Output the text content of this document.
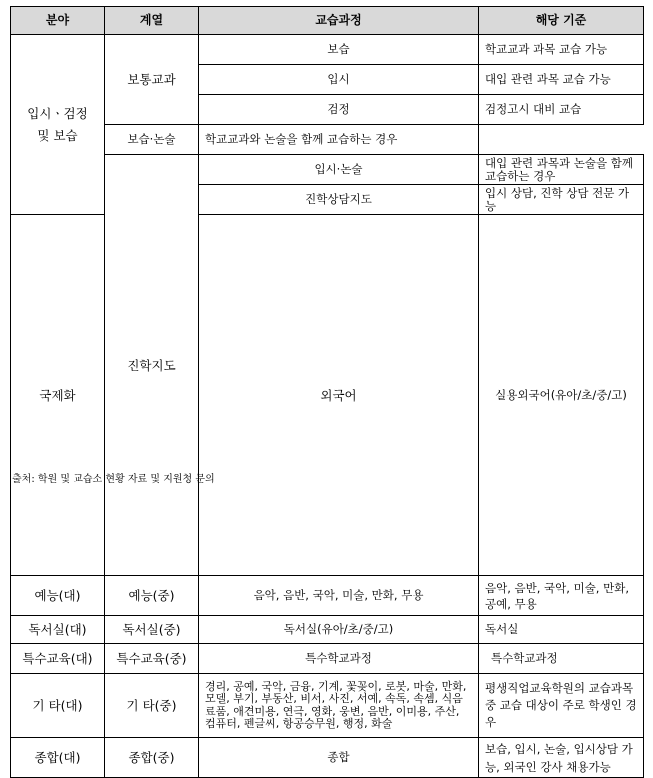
분야	계열	교습과정	해당 기준	
입시ㆍ검정 및 보습	보통교과	보습	학교교과 과목 교습 가능	
		입시	대입 관련 과목 교습 가능	
		검정	검정고시 대비 교습	
	보습·논술	학교교과와 논술을 함께 교습하는 경우		
	진학지도	입시·논술	대입 관련 과목과 논술을 함께 교습하는 경우	
		진학상담지도	입시 상담, 진학 상담 전문 가능	
국제화		외국어	실용외국어(유아/초/중/고)	
예능(대)	예능(중)	음악, 음반, 국악, 미술, 만화, 무용	음악, 음반, 국악, 미술, 만화, 공예, 무용	
독서실(대)	독서실(중)	독서실(유아/초/중/고)	독서실	
특수교육(대)	특수교육(중)	특수학교과정	특수학교과정	
기 타(대)	기 타(중)	경리, 공예, 국악, 금융, 기계, 꽃꽂이, 로봇, 마술, 만화, 모델, 부기, 부동산, 비서, 사진, 서예, 속독, 속셈, 식음료품, 애견미용, 연극, 영화, 웅변, 음반, 이미용, 주산, 컴퓨터, 펜글씨, 항공승무원, 행정, 화술	평생직업교육학원의 교습과목 중 교습 대상이 주로 학생인 경우	
종합(대)	종합(중)	종합	보습, 입시, 논술, 입시상담 가능, 외국인 강사 채용가능	
출처: 학원 및 교습소 현황 자료 및 지원청 문의
